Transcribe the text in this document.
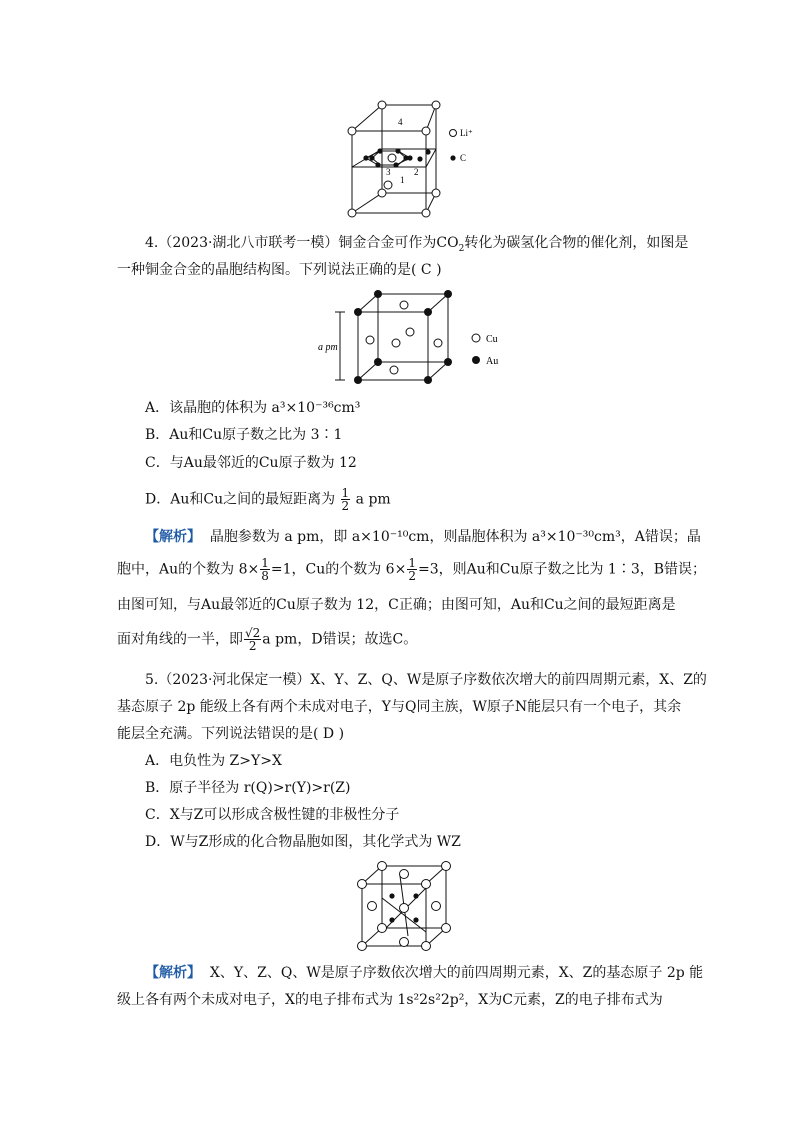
4
3
1
2
Li⁺
C
4.（2023·湖北八市联考一模）铜金合金可作为$CO_2$转化为碳氢化合物的催化剂，如图是
一种铜金合金的晶胞结构图。下列说法正确的是( C )
a pm
Cu
Au
A．该晶胞的体积为 a³×10⁻³⁶cm³
B．Au和Cu原子数之比为 3∶1
C．与Au最邻近的Cu原子数为 12
D．Au和Cu之间的最短距离为 $\frac{1}{2}$ a pm
【解析】 晶胞参数为 a pm，即 a×10⁻¹⁰cm，则晶胞体积为 a³×10⁻³⁰cm³，A错误；晶
胞中，Au的个数为 $8\times \frac{1}{8} =1$，Cu的个数为 $6\times \frac{1}{2} =3$，则Au和Cu原子数之比为 1∶3，B错误；
由图可知，与Au最邻近的Cu原子数为 12，C正确；由图可知，Au和Cu之间的最短距离是
面对角线的一半，即 $\frac{√2}{2}$ a pm，D错误；故选C。
5.（2023·河北保定一模）X、Y、Z、Q、W是原子序数依次增大的前四周期元素，X、Z的
基态原子 2p 能级上各有两个未成对电子，Y与Q同主族，W原子N能层只有一个电子，其余
能层全充满。下列说法错误的是( D )
A．电负性为 Z>Y>X
B．原子半径为 r(Q)>r(Y)>r(Z)
C．X与Z可以形成含极性键的非极性分子
D．W与Z形成的化合物晶胞如图，其化学式为 WZ
【解析】 X、Y、Z、Q、W是原子序数依次增大的前四周期元素，X、Z的基态原子 2p 能
级上各有两个未成对电子，X的电子排布式为 1s²2s²2p²，X为C元素，Z的电子排布式为
